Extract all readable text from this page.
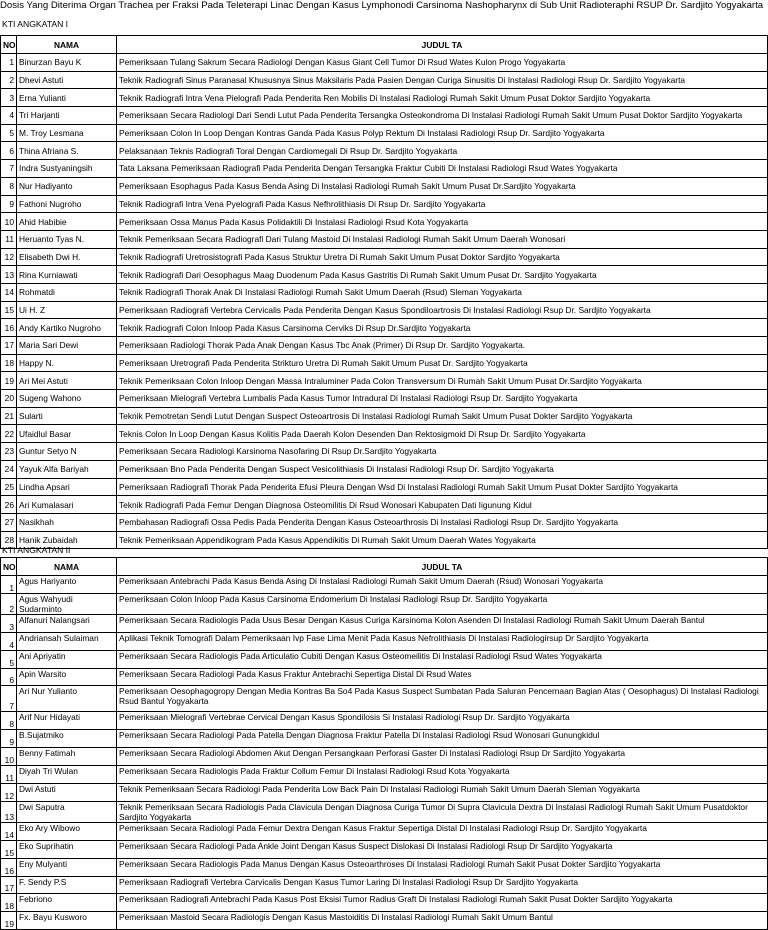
Dosis Yang Diterima Organ Trachea per Fraksi Pada Teleterapi Linac Dengan Kasus Lymphonodi Carsinoma Nashopharynx di Sub Unit Radioteraphi RSUP Dr. Sardjito Yogyakarta
KTI ANGKATAN I
NO	NAMA	JUDUL TA
1	Binurzan Bayu K	Pemeriksaan Tulang Sakrum Secara Radiologi Dengan Kasus Giant Cell Tumor Di Rsud Wates Kulon Progo Yogyakarta
2	Dhevi Astuti	Teknik Radiografi Sinus Paranasal Khususnya Sinus Maksilaris Pada Pasien Dengan Curiga Sinusitis Di Instalasi Radiologi Rsup Dr. Sardjito Yogyakarta
3	Erna Yulianti	Teknik Radiografi Intra Vena Pielografi Pada Penderita Ren Mobilis Di Instalasi Radiologi Rumah Sakit Umum Pusat Doktor Sardjito Yogyakarta
4	Tri Harjanti	Pemeriksaan Secara Radiologi Dari Sendi Lutut Pada Penderita Tersangka Osteokondroma Di Instalasi Radiologi Rumah Sakit Umum Pusat Doktor Sardjito Yogyakarta
5	M. Troy Lesmana	Pemeriksaan Colon In Loop Dengan Kontras Ganda Pada Kasus Polyp Rektum Di Instalasi Radiologi Rsup Dr. Sardjito Yogyakarta
6	Thina Afriana S.	Pelaksanaan Teknis Radiografi Toral Dengan Cardiomegali Di Rsup Dr. Sardjito Yogyakarta
7	Indra Sustyaningsih	Tata Laksana Pemeriksaan Radiografi Pada Penderita Dengan Tersangka Fraktur Cubiti Di Instalasi Radiologi Rsud Wates Yogyakarta
8	Nur Hadiyanto	Pemeriksaan Esophagus Pada Kasus Benda Asing Di Instalasi Radiologi Rumah Sakit Umum Pusat Dr.Sardjito Yogyakarta
9	Fathoni Nugroho	Teknik Radiografi Intra Vena Pyelografi Pada Kasus Nefhrolithiasis Di Rsup Dr. Sardjito Yogyakarta
10	Ahid Habibie	Pemeriksaan Ossa Manus Pada Kasus Polidaktili Di Instalasi Radiologi Rsud Kota Yogyakarta
11	Heruanto Tyas N.	Teknik Pemeriksaan Secara Radiografi Dari Tulang Mastoid Di Instalasi Radiologi Rumah Sakit Umum Daerah Wonosari
12	Elisabeth Dwi H.	Teknik Radiografi Uretrosistografi Pada Kasus Struktur Uretra Di Rumah Sakit Umum Pusat Doktor Sardjito Yogyakarta
13	Rina Kurniawati	Teknik Radiografi Dari Oesophagus Maag Duodenum Pada Kasus Gastritis Di Rumah Sakit Umum Pusat Dr. Sardjito Yogyakarta
14	Rohmatdi	Teknik Radiografi Thorak Anak Di Instalasi Radiologi Rumah Sakit Umum Daerah (Rsud) Sleman Yogyakarta
15	Ui H. Z	Pemeriksaan Radiografi Vertebra Cervicalis Pada Penderita Dengan Kasus Spondiloartrosis Di Instalasi Radiologi Rsup Dr. Sardjito Yogyakarta
16	Andy Kartiko Nugroho	Teknik Radiografi Colon Inloop Pada Kasus Carsinoma Cerviks Di Rsup Dr.Sardjito Yogyakarta
17	Maria Sari Dewi	Pemeriksaan Radiologi Thorak Pada Anak Dengan Kasus Tbc Anak (Primer) Di Rsup Dr. Sardjito Yogyakarta.
18	Happy N.	Pemeriksaan Uretrografi Pada Penderita Strikturo Uretra Di Rumah Sakit Umum Pusat Dr. Sardjito Yogyakarta
19	Ari Mei Astuti	Teknik Pemeriksaan Colon Inloop Dengan Massa Intraluminer Pada Colon Transversum Di Rumah Sakit Umum Pusat Dr.Sardjito Yogyakarta
20	Sugeng Wahono	Pemeriksaan Mielografi Vertebra Lumbalis Pada Kasus Tumor Intradural Di Instalasi Radiologi Rsup Dr. Sardjito Yogyakarta
21	Sularti	Teknik Pemotretan Sendi Lutut Dengan Suspect Osteoartrosis Di Instalasi Radiologi Rumah Sakit Umum Pusat Dokter Sardjito Yogyakarta
22	Ufaidlul Basar	Teknis Colon In Loop Dengan Kasus Kolitis Pada Daerah Kolon Desenden Dan Rektosigmoid Di Rsup Dr. Sardjito Yogyakarta
23	Guntur Setyo N	Pemeriksaan Secara Radiologi Karsinoma Nasofaring Di Rsup Dr.Sardjito Yogyakarta
24	Yayuk Alfa Bariyah	Pemeriksaan Bno Pada Penderita Dengan Suspect Vesicolithiasis Di Instalasi Radiologi Rsup Dr. Sardjito Yogyakarta
25	Lindha Apsari	Pemeriksaan Radiografi Thorak Pada Penderita Efusi Pleura Dengan Wsd Di Instalasi Radiologi Rumah Sakit Umum Pusat Dokter Sardjito Yogyakarta
26	Ari Kumalasari	Teknik Radiografi Pada Femur Dengan Diagnosa Osteomilitis Di Rsud Wonosari Kabupaten Dati Iigunung Kidul
27	Nasikhah	Pembahasan Radiografi Ossa Pedis Pada Penderita Dengan Kasus Osteoarthrosis Di Instalasi Radiologi Rsup Dr. Sardjito Yogyakarta
28	Hanik Zubaidah	Teknik Pemeriksaan Appendikogram Pada Kasus Appendikitis Di Rumah Sakit Umum Daerah Wates Yogyakarta
KTI ANGKATAN II
NO	NAMA	JUDUL TA
1	Agus Hariyanto	Pemeriksaan Antebrachi Pada Kasus Benda Asing Di Instalasi Radiologi Rumah Sakit Umum Daerah (Rsud) Wonosari Yogyakarta
2	Agus Wahyudi Sudarminto	Pemeriksaan Colon Inloop Pada Kasus Carsinoma Endomerium Di Instalasi Radiologi Rsup Dr. Sardjito Yogyakarta
3	Alfanuri Nalangsari	Pemeriksaan Secara Radiologis Pada Usus Besar Dengan Kasus Curiga Karsinoma Kolon Asenden Di Instalasi Radiologi Rumah Sakit Umum Daerah Bantul
4	Andriansah Sulaiman	Aplikasi Teknik Tomografi Dalam Pemeriksaan Ivp Fase Lima Menit Pada Kasus Nefrolithiasis Di Instalasi Radiologirsup Dr Sardjito Yogyakarta
5	Ani Apriyatin	Pemeriksaan Secara Radiologis Pada Articulatio Cubiti Dengan Kasus Osteomeilitis Di Instalasi Radiologi Rsud Wates Yogyakarta
6	Apin Warsito	Pemeriksaan Secara Radiologi Pada Kasus Fraktur Antebrachi Sepertiga Distal Di Rsud Wates
7	Ari Nur Yulianto	Pemeriksaan Oesophagogropy Dengan Media Kontras Ba So4 Pada Kasus Suspect Sumbatan Pada Saluran Pencernaan Bagian Atas ( Oesophagus) Di Instalasi Radiologi Rsud Bantul Yogyakarta
8	Arif Nur Hidayati	Pemeriksaan Mielografi Vertebrae Cervical Dengan Kasus Spondilosis Si Instalasi Radiologi Rsup Dr. Sardjito Yogyakarta
9	B.Sujatmiko	Pemeriksaan Secara Radiologi Pada Patella Dengan Diagnosa Fraktur Patella Di Instalasi Radiologi Rsud Wonosari Gunungkidul
10	Benny Fatimah	Pemeriksaan Secara Radiologi Abdomen Akut Dengan Persangkaan Perforasi Gaster Di Instalasi Radiologi Rsup Dr Sardjito Yogyakarta
11	Diyah Tri Wulan	Pemeriksaan Secara Radiologis Pada Fraktur Collum Femur Di Instalasi Radiologi Rsud Kota Yogyakarta
12	Dwi Astuti	Teknik Pemeriksaan Secara Radiologi Pada Penderita Low Back Pain Di Instalasi Radiologi Rumah Sakit Umum Daerah Sleman Yogyakarta
13	Dwi Saputra	Teknik Pemeriksaan Secara Radiologis Pada Clavicula Dengan Diagnosa Curiga Tumor Di Supra Clavicula Dextra Di Instalasi Radiologi Rumah Sakit Umum Pusatdoktor Sardjito Yogyakarta
14	Eko Ary Wibowo	Pemeriksaan Secara Radiologi Pada Femur Dextra Dengan Kasus Fraktur Sepertiga Distal Di Instalasi Radiologi Rsup Dr. Sardjito Yogyakarta
15	Eko Suprihatin	Pemeriksaan Secara Radiologi Pada Ankle Joint Dengan Kasus Suspect Dislokasi Di Instalasi Radiologi Rsup Dr Sardjito Yogyakarta
16	Eny Mulyanti	Pemeriksaan Secara Radiologis Pada Manus Dengan Kasus Osteoarthroses Di Instalasi Radiologi Rumah Sakit Pusat Dokter Sardjito Yogyakarta
17	F. Sendy P.S	Pemeriksaan Radiografi Vertebra Carvicalis Dengan Kasus Tumor Laring Di Instalasi Radiologi Rsup Dr Sardjito Yogyakarta
18	Febriono	Pemeriksaan Radiografi Antebrachi Pada Kasus Post Eksisi Tumor Radius Graft Di Instalasi Radiologi Rumah Sakit Pusat Dokter Sardjito Yogyakarta
19	Fx. Bayu Kusworo	Pemeriksaan Mastoid Secara Radiologis Dengan Kasus Mastoiditis Di Instalasi Radiologi Rumah Sakit Umum Bantul
